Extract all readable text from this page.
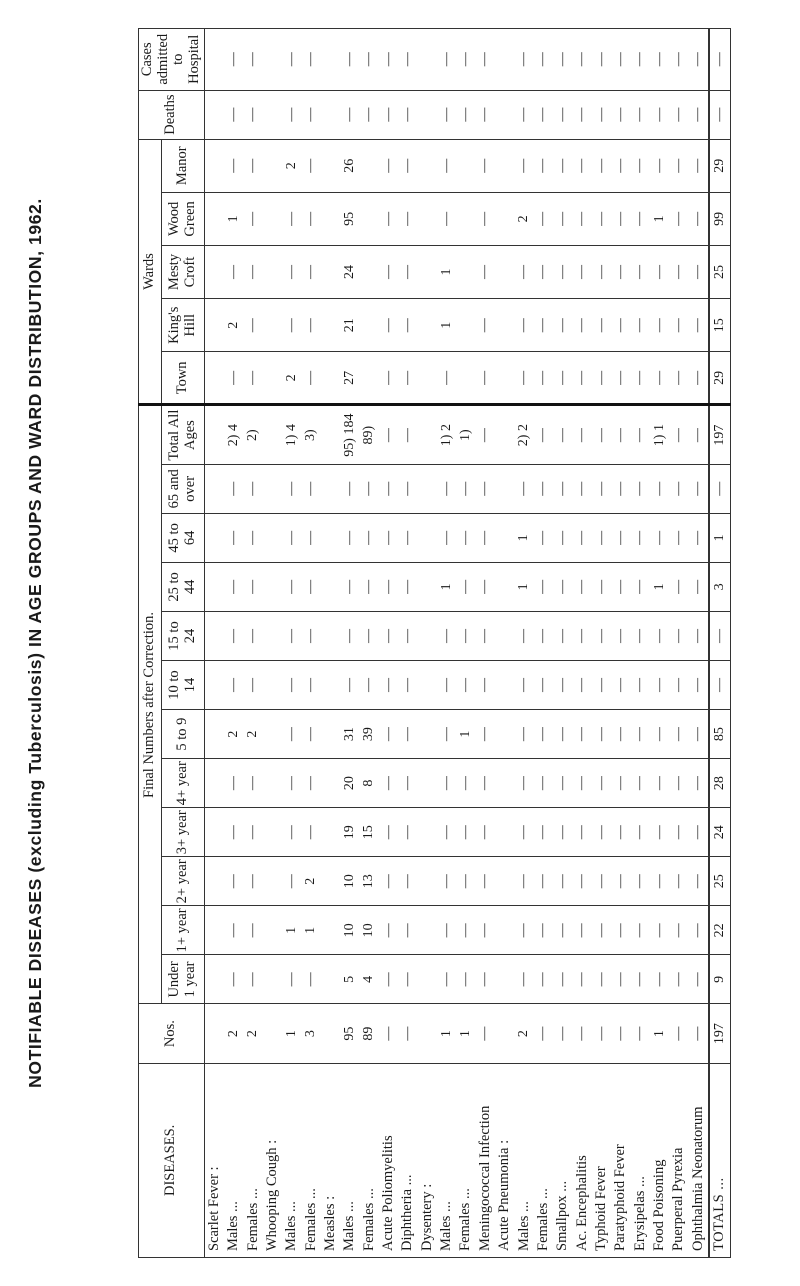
NOTIFIABLE DISEASES (excluding Tuberculosis) IN AGE GROUPS AND WARD DISTRIBUTION, 1962.
DISEASES.	Nos.	Final Numbers after Correction.												Wards					Deaths	Cases admitted to Hospital
		Under 1 year	1+ year	2+ year	3+ year	4+ year	5 to 9	10 to 14	15 to 24	25 to 44	45 to 64	65 and over	Total All Ages	Town	King's Hill	Mesty Croft	Wood Green	Manor		
Scarlet Fever :																				
Males ...	2	—	—	—	—	—	2	—	—	—	—	—	2) 4	—	2	—	1	—	—	—
Females ...	2	—	—	—	—	—	2	—	—	—	—	—	2)	—	—	—	—	—	—	—
Whooping Cough :																				
Males ...	1	—	1	—	—	—	—	—	—	—	—	—	1) 4	2	—	—	—	2	—	—
Females ...	3	—	1	2	—	—	—	—	—	—	—	—	3)	—	—	—	—	—	—	—
Measles :																				
Males ...	95	5	10	10	19	20	31	—	—	—	—	—	95) 184	27	21	24	95	26	—	—
Females ...	89	4	10	13	15	8	39	—	—	—	—	—	89)						—	—
Acute Poliomyelitis	—	—	—	—	—	—	—	—	—	—	—	—	—	—	—	—	—	—	—	—
Diphtheria ...	—	—	—	—	—	—	—	—	—	—	—	—	—	—	—	—	—	—	—	—
Dysentery :																				
Males ...	1	—	—	—	—	—	—	—	—	1	—	—	1) 2	—	1	1	—	—	—	—
Females ...	1	—	—	—	—	—	1	—	—	—	—	—	1)						—	—
Meningococcal Infection	—	—	—	—	—	—	—	—	—	—	—	—	—	—	—	—	—	—	—	—
Acute Pneumonia :																				
Males ...	2	—	—	—	—	—	—	—	—	1	1	—	2) 2	—	—	—	2	—	—	—
Females ...	—	—	—	—	—	—	—	—	—	—	—	—	—	—	—	—	—	—	—	—
Smallpox ...	—	—	—	—	—	—	—	—	—	—	—	—	—	—	—	—	—	—	—	—
Ac. Encephalitis	—	—	—	—	—	—	—	—	—	—	—	—	—	—	—	—	—	—	—	—
Typhoid Fever	—	—	—	—	—	—	—	—	—	—	—	—	—	—	—	—	—	—	—	—
Paratyphoid Fever	—	—	—	—	—	—	—	—	—	—	—	—	—	—	—	—	—	—	—	—
Erysipelas ...	—	—	—	—	—	—	—	—	—	—	—	—	—	—	—	—	—	—	—	—
Food Poisoning	1	—	—	—	—	—	—	—	—	1	—	—	1) 1	—	—	—	1	—	—	—
Puerperal Pyrexia	—	—	—	—	—	—	—	—	—	—	—	—	—	—	—	—	—	—	—	—
Ophthalmia Neonatorum	—	—	—	—	—	—	—	—	—	—	—	—	—	—	—	—	—	—	—	—
TOTALS ...	197	9	22	25	24	28	85	—	—	3	1	—	197	29	15	25	99	29	—	—
